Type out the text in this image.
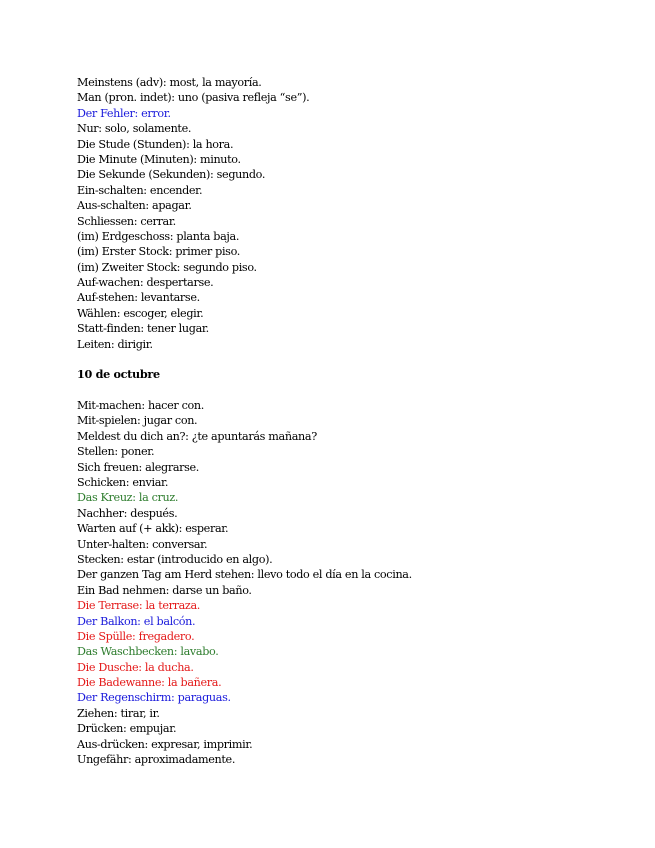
Meinstens (adv): most, la mayoría.
Man (pron. indet): uno (pasiva refleja “se”).
Der Fehler: error.
Nur: solo, solamente.
Die Stude (Stunden): la hora.
Die Minute (Minuten): minuto.
Die Sekunde (Sekunden): segundo.
Ein-schalten: encender.
Aus-schalten: apagar.
Schliessen: cerrar.
(im) Erdgeschoss: planta baja.
(im) Erster Stock: primer piso.
(im) Zweiter Stock: segundo piso.
Auf-wachen: despertarse.
Auf-stehen: levantarse.
Wählen: escoger, elegir.
Statt-finden: tener lugar.
Leiten: dirigir.
10 de octubre
Mit-machen: hacer con.
Mit-spielen: jugar con.
Meldest du dich an?: ¿te apuntarás mañana?
Stellen: poner.
Sich freuen: alegrarse.
Schicken: enviar.
Das Kreuz: la cruz.
Nachher: después.
Warten auf (+ akk): esperar.
Unter-halten: conversar.
Stecken: estar (introducido en algo).
Der ganzen Tag am Herd stehen: llevo todo el día en la cocina.
Ein Bad nehmen: darse un baño.
Die Terrase: la terraza.
Der Balkon: el balcón.
Die Spülle: fregadero.
Das Waschbecken: lavabo.
Die Dusche: la ducha.
Die Badewanne: la bañera.
Der Regenschirm: paraguas.
Ziehen: tirar, ir.
Drücken: empujar.
Aus-drücken: expresar, imprimir.
Ungefähr: aproximadamente.
